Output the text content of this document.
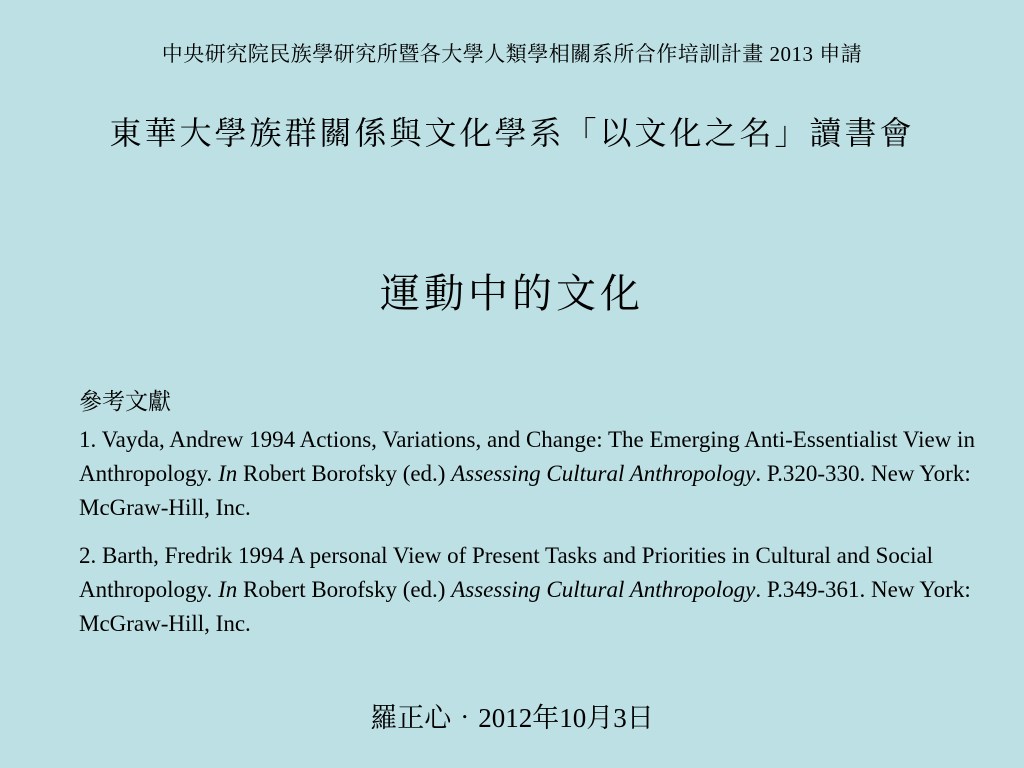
中央研究院民族學研究所暨各大學人類學相關系所合作培訓計畫 2013 申請
東華大學族群關係與文化學系「以文化之名」讀書會
運動中的文化
參考文獻
1. Vayda, Andrew 1994 Actions, Variations, and Change: The Emerging Anti-Essentialist View in Anthropology. In Robert Borofsky (ed.) Assessing Cultural Anthropology. P.320-330. New York: McGraw-Hill, Inc.
2. Barth, Fredrik 1994 A personal View of Present Tasks and Priorities in Cultural and Social Anthropology. In Robert Borofsky (ed.) Assessing Cultural Anthropology. P.349-361. New York: McGraw-Hill, Inc.
羅正心‧2012年10月3日
